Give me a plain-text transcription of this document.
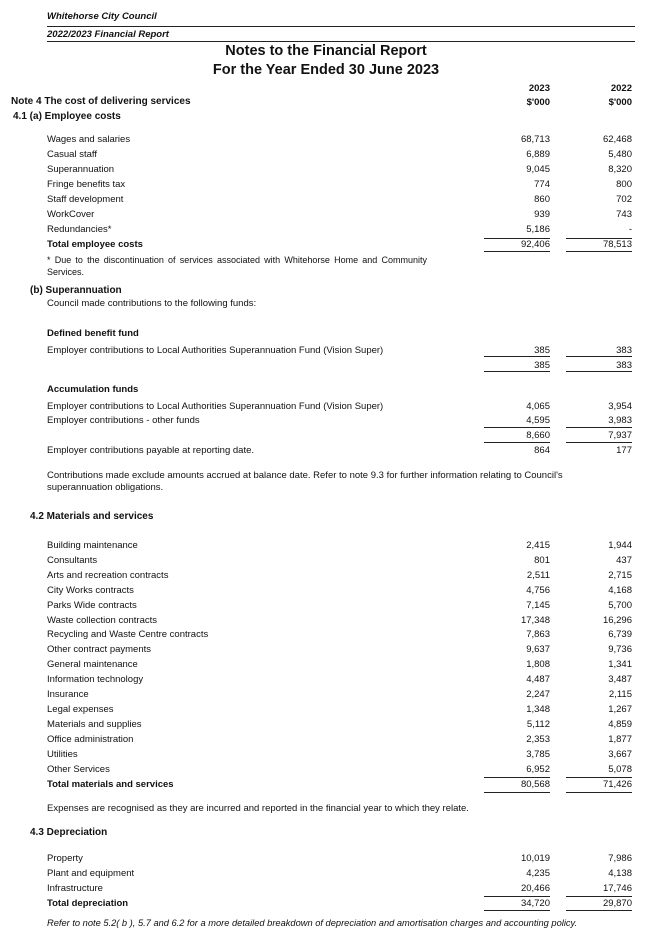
Whitehorse City Council
2022/2023 Financial Report
Notes to the Financial Report
For the Year Ended 30 June 2023
2023	2022
$'000	$'000
Note 4 The cost of delivering services
4.1 (a) Employee costs
Wages and salaries	68,713	62,468
Casual staff	6,889	5,480
Superannuation	9,045	8,320
Fringe benefits tax	774	800
Staff development	860	702
WorkCover	939	743
Redundancies*	5,186	-
Total employee costs	92,406	78,513
* Due to the discontinuation of services associated with Whitehorse Home and Community Services.
(b) Superannuation
Council made contributions to the following funds:
Defined benefit fund
Employer contributions to Local Authorities Superannuation Fund (Vision Super)	385	383
385	383
Accumulation funds
Employer contributions to Local Authorities Superannuation Fund (Vision Super)	4,065	3,954
Employer contributions - other funds	4,595	3,983
8,660	7,937
Employer contributions payable at reporting date.	864	177
Contributions made exclude amounts accrued at balance date. Refer to note 9.3 for further information relating to Council's superannuation obligations.
4.2 Materials and services
Building maintenance	2,415	1,944
Consultants	801	437
Arts and recreation contracts	2,511	2,715
City Works contracts	4,756	4,168
Parks Wide contracts	7,145	5,700
Waste collection contracts	17,348	16,296
Recycling and Waste Centre contracts	7,863	6,739
Other contract payments	9,637	9,736
General maintenance	1,808	1,341
Information technology	4,487	3,487
Insurance	2,247	2,115
Legal expenses	1,348	1,267
Materials and supplies	5,112	4,859
Office administration	2,353	1,877
Utilities	3,785	3,667
Other Services	6,952	5,078
Total materials and services	80,568	71,426
Expenses are recognised as they are incurred and reported in the financial year to which they relate.
4.3 Depreciation
Property	10,019	7,986
Plant and equipment	4,235	4,138
Infrastructure	20,466	17,746
Total depreciation	34,720	29,870
Refer to note 5.2( b ), 5.7 and 6.2 for a more detailed breakdown of depreciation and amortisation charges and accounting policy.
